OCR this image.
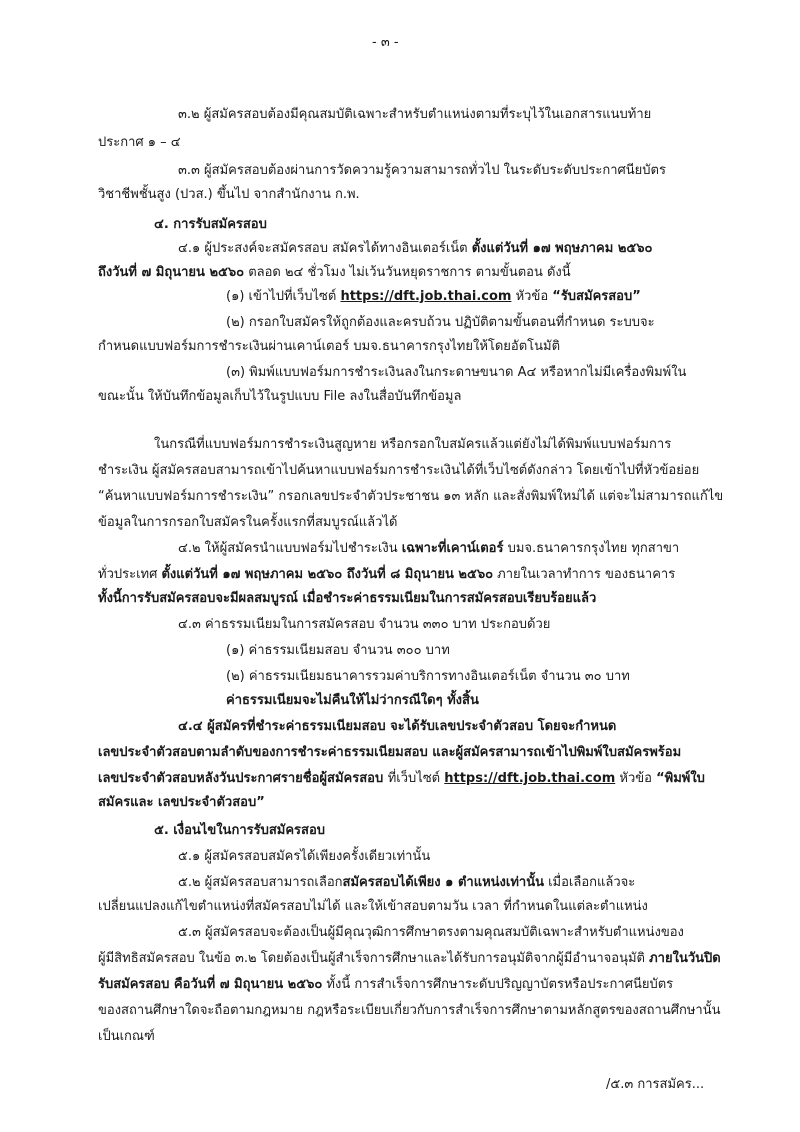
- ๓ -
๓.๒ ผู้สมัครสอบต้องมีคุณสมบัติเฉพาะสำหรับตำแหน่งตามที่ระบุไว้ในเอกสารแนบท้าย
ประกาศ ๑ – ๔
๓.๓ ผู้สมัครสอบต้องผ่านการวัดความรู้ความสามารถทั่วไป ในระดับระดับประกาศนียบัตร
วิชาชีพชั้นสูง (ปวส.) ขึ้นไป จากสำนักงาน ก.พ.
๔. การรับสมัครสอบ
๔.๑ ผู้ประสงค์จะสมัครสอบ สมัครได้ทางอินเตอร์เน็ต ตั้งแต่วันที่ ๑๗ พฤษภาคม ๒๕๖๐
ถึงวันที่ ๗ มิถุนายน ๒๕๖๐ ตลอด ๒๔ ชั่วโมง ไม่เว้นวันหยุดราชการ ตามขั้นตอน ดังนี้
(๑) เข้าไปที่เว็บไซต์ https://dft.job.thai.com หัวข้อ “รับสมัครสอบ”
(๒) กรอกใบสมัครให้ถูกต้องและครบถ้วน ปฏิบัติตามขั้นตอนที่กำหนด ระบบจะ
กำหนดแบบฟอร์มการชำระเงินผ่านเคาน์เตอร์ บมจ.ธนาคารกรุงไทยให้โดยอัตโนมัติ
(๓) พิมพ์แบบฟอร์มการชำระเงินลงในกระดาษขนาด A๔ หรือหากไม่มีเครื่องพิมพ์ใน
ขณะนั้น ให้บันทึกข้อมูลเก็บไว้ในรูปแบบ File ลงในสื่อบันทึกข้อมูล
ในกรณีที่แบบฟอร์มการชำระเงินสูญหาย หรือกรอกใบสมัครแล้วแต่ยังไม่ได้พิมพ์แบบฟอร์มการ
ชำระเงิน ผู้สมัครสอบสามารถเข้าไปค้นหาแบบฟอร์มการชำระเงินได้ที่เว็บไซต์ดังกล่าว โดยเข้าไปที่หัวข้อย่อย
“ค้นหาแบบฟอร์มการชำระเงิน” กรอกเลขประจำตัวประชาชน ๑๓ หลัก และสั่งพิมพ์ใหม่ได้ แต่จะไม่สามารถแก้ไข
ข้อมูลในการกรอกใบสมัครในครั้งแรกที่สมบูรณ์แล้วได้
๔.๒ ให้ผู้สมัครนำแบบฟอร์มไปชำระเงิน เฉพาะที่เคาน์เตอร์ บมจ.ธนาคารกรุงไทย ทุกสาขา
ทั่วประเทศ ตั้งแต่วันที่ ๑๗ พฤษภาคม ๒๕๖๐ ถึงวันที่ ๘ มิถุนายน ๒๕๖๐ ภายในเวลาทำการ ของธนาคาร
ทั้งนี้การรับสมัครสอบจะมีผลสมบูรณ์ เมื่อชำระค่าธรรมเนียมในการสมัครสอบเรียบร้อยแล้ว
๔.๓ ค่าธรรมเนียมในการสมัครสอบ จำนวน ๓๓๐ บาท ประกอบด้วย
(๑) ค่าธรรมเนียมสอบ จำนวน ๓๐๐ บาท
(๒) ค่าธรรมเนียมธนาคารรวมค่าบริการทางอินเตอร์เน็ต จำนวน ๓๐ บาท
ค่าธรรมเนียมจะไม่คืนให้ไม่ว่ากรณีใดๆ ทั้งสิ้น
๔.๔ ผู้สมัครที่ชำระค่าธรรมเนียมสอบ จะได้รับเลขประจำตัวสอบ โดยจะกำหนด
เลขประจำตัวสอบตามลำดับของการชำระค่าธรรมเนียมสอบ และผู้สมัครสามารถเข้าไปพิมพ์ใบสมัครพร้อม
เลขประจำตัวสอบหลังวันประกาศรายชื่อผู้สมัครสอบ ที่เว็บไซต์ https://dft.job.thai.com หัวข้อ “พิมพ์ใบ
สมัครและ เลขประจำตัวสอบ”
๕. เงื่อนไขในการรับสมัครสอบ
๕.๑ ผู้สมัครสอบสมัครได้เพียงครั้งเดียวเท่านั้น
๕.๒ ผู้สมัครสอบสามารถเลือกสมัครสอบได้เพียง ๑ ตำแหน่งเท่านั้น เมื่อเลือกแล้วจะ
เปลี่ยนแปลงแก้ไขตำแหน่งที่สมัครสอบไม่ได้ และให้เข้าสอบตามวัน เวลา ที่กำหนดในแต่ละตำแหน่ง
๕.๓ ผู้สมัครสอบจะต้องเป็นผู้มีคุณวุฒิการศึกษาตรงตามคุณสมบัติเฉพาะสำหรับตำแหน่งของ
ผู้มีสิทธิสมัครสอบ ในข้อ ๓.๒ โดยต้องเป็นผู้สำเร็จการศึกษาและได้รับการอนุมัติจากผู้มีอำนาจอนุมัติ ภายในวันปิด
รับสมัครสอบ คือวันที่ ๗ มิถุนายน ๒๕๖๐ ทั้งนี้ การสำเร็จการศึกษาระดับปริญญาบัตรหรือประกาศนียบัตร
ของสถานศึกษาใดจะถือตามกฎหมาย กฎหรือระเบียบเกี่ยวกับการสำเร็จการศึกษาตามหลักสูตรของสถานศึกษานั้น
เป็นเกณฑ์
/๕.๓ การสมัคร...
